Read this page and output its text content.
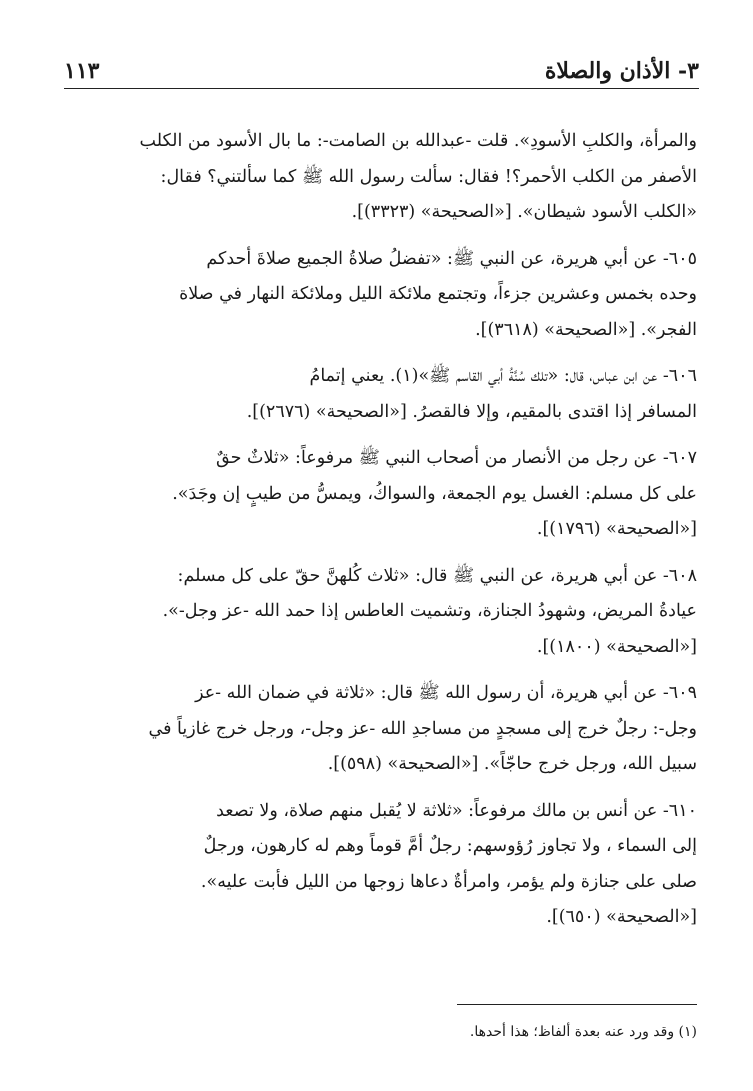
٣- الأذان والصلاة
١١٣

والمرأة، والكلبِ الأسودِ». قلت -عبدالله بن الصامت-: ما بال الأسود من الكلب

الأصفر من الكلب الأحمر؟! فقال: سألت رسول الله ﷺ كما سألتني؟ فقال:

«الكلب الأسود شيطان». [«الصحيحة» (٣٣٢٣)].

٦٠٥- عن أبي هريرة، عن النبي ﷺ: «تفضلُ صلاةُ الجميع صلاةَ أحدكم

وحده بخمس وعشرين جزءاً، وتجتمع ملائكة الليل وملائكة النهار في صلاة

الفجر». [«الصحيحة» (٣٦١٨)].

٦٠٦- عن ابن عباس، قال: «تلك سُنَّةُ أبي القاسم ﷺ»(١). يعني إتمامُ

المسافر إذا اقتدى بالمقيم، وإلا فالقصرُ. [«الصحيحة» (٢٦٧٦)].

٦٠٧- عن رجل من الأنصار من أصحاب النبي ﷺ مرفوعاً: «ثلاثٌ حقٌ

على كل مسلم: الغسل يوم الجمعة، والسواكُ، ويمسُّ من طيبٍ إن وجَدَ».

[«الصحيحة» (١٧٩٦)].

٦٠٨- عن أبي هريرة، عن النبي ﷺ قال: «ثلاث كُلهنَّ حقّ على كل مسلم:

عيادةُ المريض، وشهودُ الجنازة، وتشميت العاطس إذا حمد الله -عز وجل-».

[«الصحيحة» (١٨٠٠)].

٦٠٩- عن أبي هريرة، أن رسول الله ﷺ قال: «ثلاثة في ضمان الله -عز

وجل-: رجلٌ خرج إلى مسجدٍ من مساجدِ الله -عز وجل-، ورجل خرج غازياً في

سبيل الله، ورجل خرج حاجّاً». [«الصحيحة» (٥٩٨)].

٦١٠- عن أنس بن مالك مرفوعاً: «ثلاثة لا يُقبل منهم صلاة، ولا تصعد

إلى السماء ، ولا تجاوز رُؤوسهم: رجلٌ أمَّ قوماً وهم له كارهون، ورجلٌ

صلى على جنازة ولم يؤمر، وامرأةٌ دعاها زوجها من الليل فأبت عليه».

[«الصحيحة» (٦٥٠)].

(١) وقد ورد عنه بعدة ألفاظ؛ هذا أحدها.
